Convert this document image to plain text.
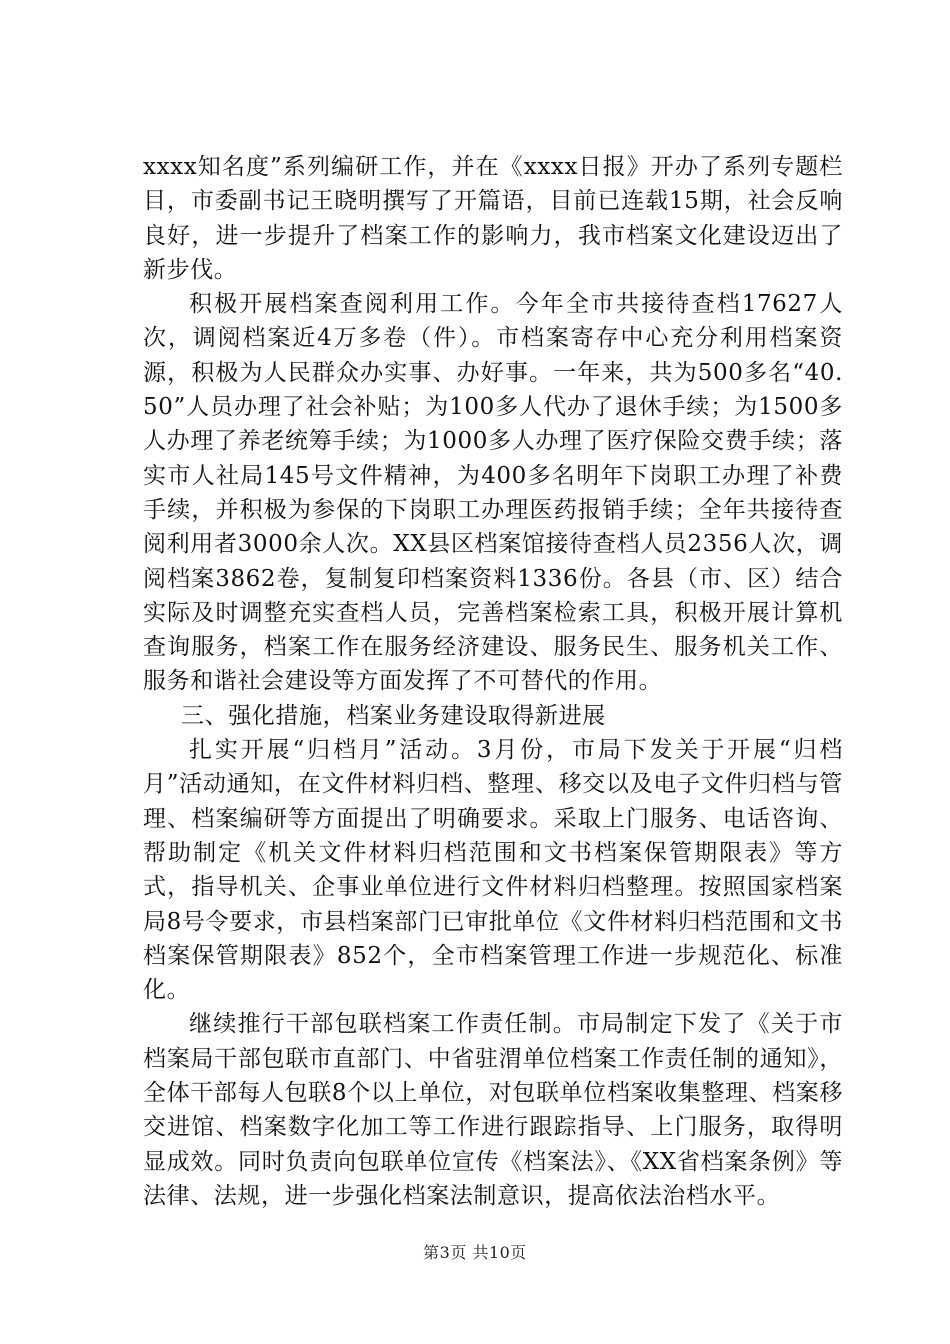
xxxx知名度”系列编研工作，并在《xxxx日报》开办了系列专题栏目，市委副书记王晓明撰写了开篇语，目前已连载15期，社会反响良好，进一步提升了档案工作的影响力，我市档案文化建设迈出了新步伐。

积极开展档案查阅利用工作。今年全市共接待查档17627人次，调阅档案近4万多卷（件）。市档案寄存中心充分利用档案资源，积极为人民群众办实事、办好事。一年来，共为500多名“40.50”人员办理了社会补贴；为100多人代办了退休手续；为1500多人办理了养老统筹手续；为1000多人办理了医疗保险交费手续；落实市人社局145号文件精神，为400多名明年下岗职工办理了补费手续，并积极为参保的下岗职工办理医药报销手续；全年共接待查阅利用者3000余人次。XX县区档案馆接待查档人员2356人次，调阅档案3862卷，复制复印档案资料1336份。各县（市、区）结合实际及时调整充实查档人员，完善档案检索工具，积极开展计算机查询服务，档案工作在服务经济建设、服务民生、服务机关工作、服务和谐社会建设等方面发挥了不可替代的作用。

三、强化措施，档案业务建设取得新进展

扎实开展“归档月”活动。3月份，市局下发关于开展“归档月”活动通知，在文件材料归档、整理、移交以及电子文件归档与管理、档案编研等方面提出了明确要求。采取上门服务、电话咨询、帮助制定《机关文件材料归档范围和文书档案保管期限表》等方式，指导机关、企事业单位进行文件材料归档整理。按照国家档案局8号令要求，市县档案部门已审批单位《文件材料归档范围和文书档案保管期限表》852个，全市档案管理工作进一步规范化、标准化。

继续推行干部包联档案工作责任制。市局制定下发了《关于市档案局干部包联市直部门、中省驻渭单位档案工作责任制的通知》，全体干部每人包联8个以上单位，对包联单位档案收集整理、档案移交进馆、档案数字化加工等工作进行跟踪指导、上门服务，取得明显成效。同时负责向包联单位宣传《档案法》、《XX省档案条例》等法律、法规，进一步强化档案法制意识，提高依法治档水平。

第3页 共10页
